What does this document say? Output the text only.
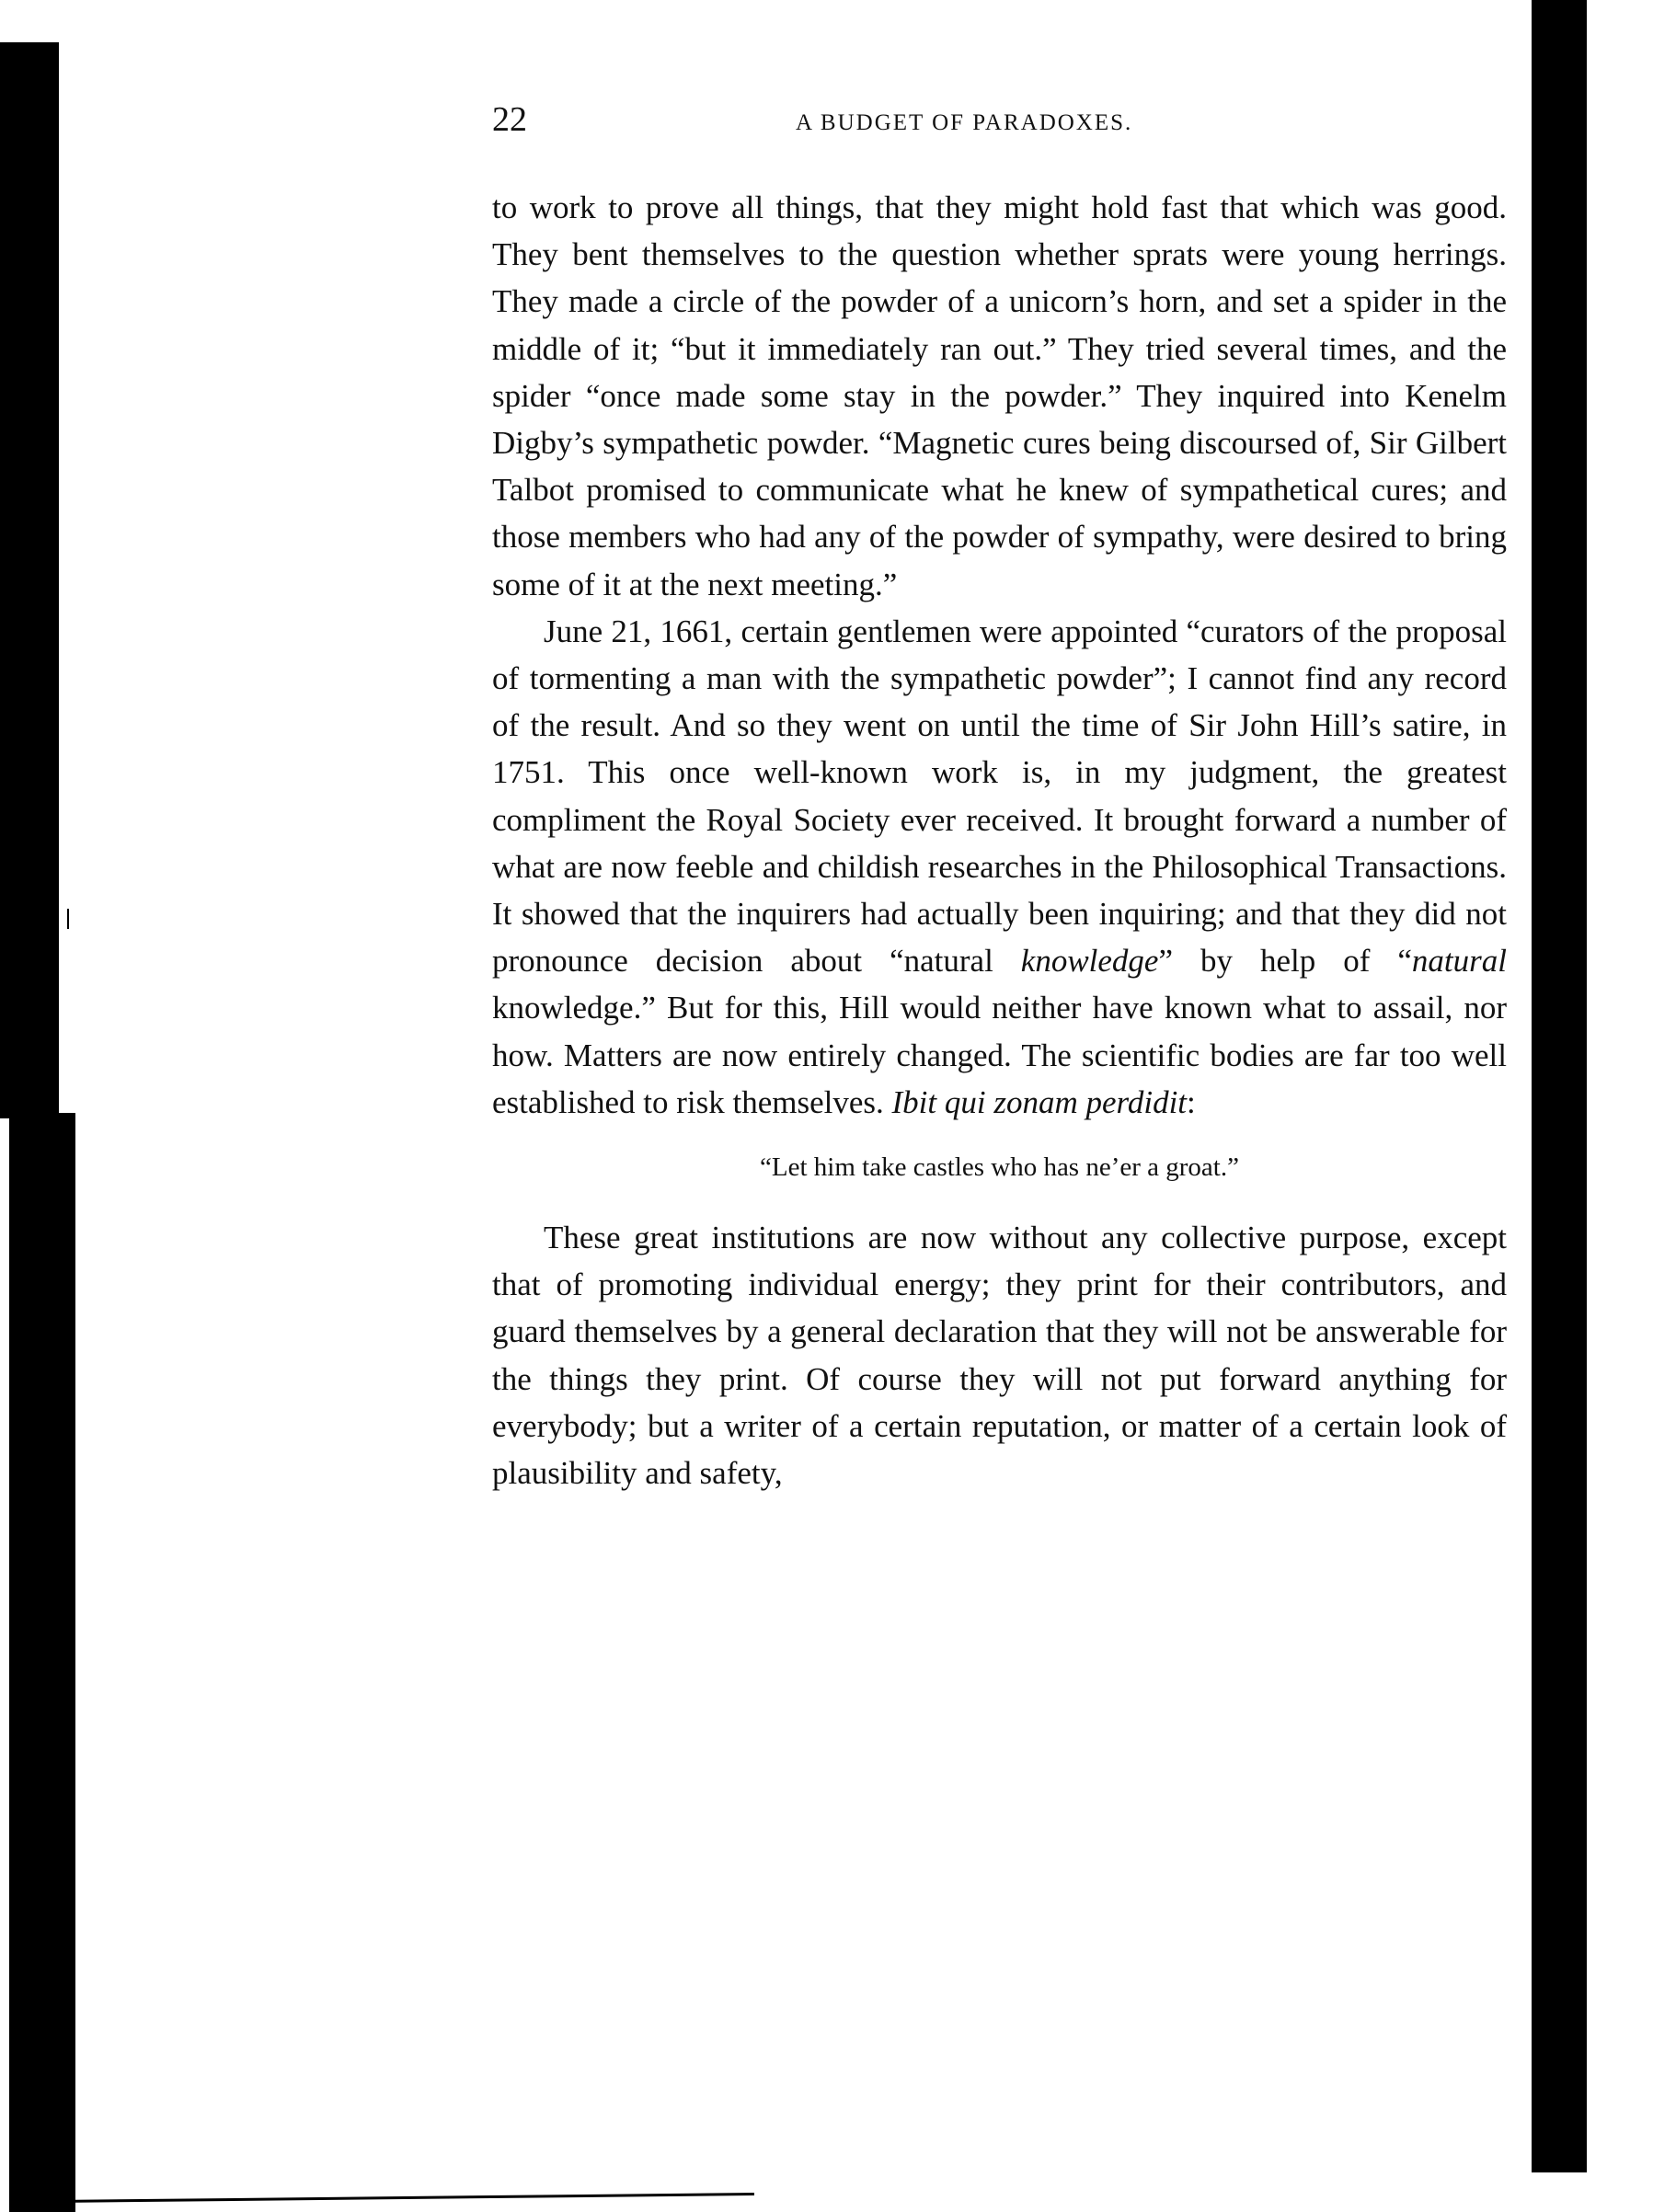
22	A BUDGET OF PARADOXES.

to work to prove all things, that they might hold fast that which was good. They bent themselves to the question whether sprats were young herrings. They made a circle of the powder of a unicorn’s horn, and set a spider in the middle of it; “but it immediately ran out.” They tried several times, and the spider “once made some stay in the powder.” They inquired into Kenelm Digby’s sympathetic powder. “Magnetic cures being discoursed of, Sir Gilbert Talbot promised to communicate what he knew of sympathetical cures; and those members who had any of the powder of sympathy, were desired to bring some of it at the next meeting.”

June 21, 1661, certain gentlemen were appointed “curators of the proposal of tormenting a man with the sympathetic powder”; I cannot find any record of the result. And so they went on until the time of Sir John Hill’s satire, in 1751. This once well-known work is, in my judgment, the greatest compliment the Royal Society ever received. It brought forward a number of what are now feeble and childish researches in the Philosophical Transactions. It showed that the inquirers had actually been inquiring; and that they did not pronounce decision about “natural knowledge” by help of “natural knowledge.” But for this, Hill would neither have known what to assail, nor how. Matters are now entirely changed. The scientific bodies are far too well established to risk themselves. Ibit qui zonam perdidit:

“Let him take castles who has ne’er a groat.”

These great institutions are now without any collective purpose, except that of promoting individual energy; they print for their contributors, and guard themselves by a general declaration that they will not be answerable for the things they print. Of course they will not put forward anything for everybody; but a writer of a certain reputation, or matter of a certain look of plausibility and safety,
